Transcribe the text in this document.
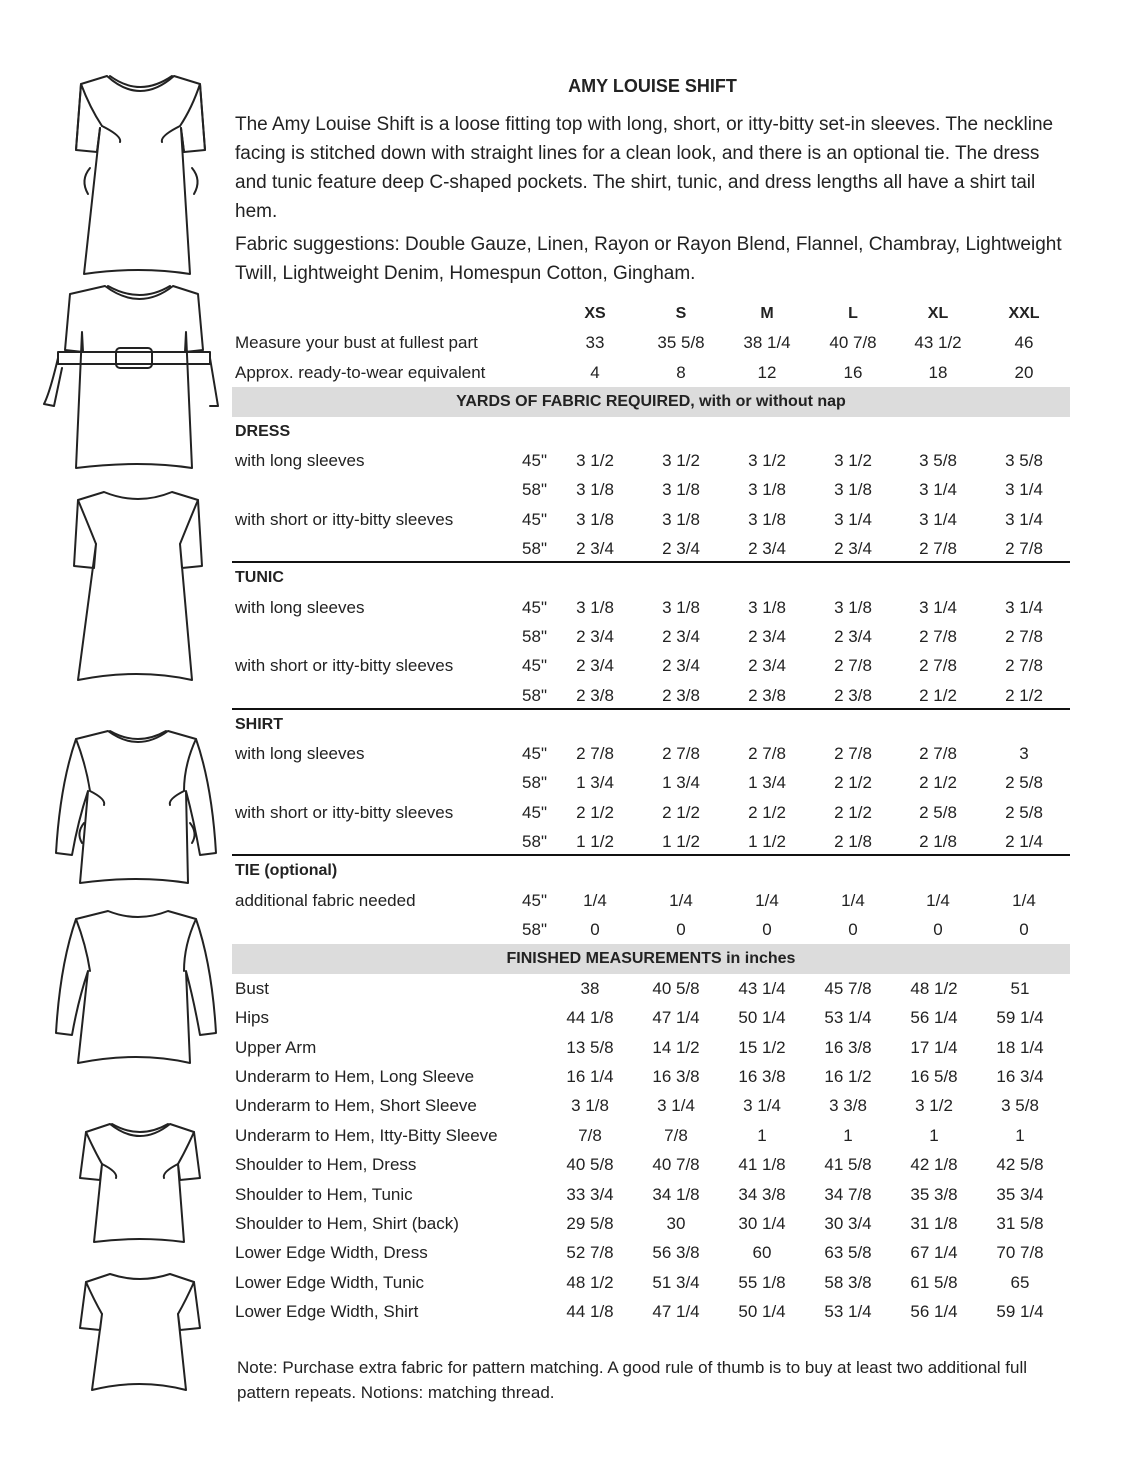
AMY LOUISE SHIFT

The Amy Louise Shift is a loose fitting top with long, short, or itty-bitty set-in sleeves. The neckline facing is stitched down with straight lines for a clean look, and there is an optional tie. The dress and tunic feature deep C-shaped pockets. The shirt, tunic, and dress lengths all have a shirt tail hem.

Fabric suggestions: Double Gauze, Linen, Rayon or Rayon Blend, Flannel, Chambray, Lightweight Twill, Lightweight Denim, Homespun Cotton, Gingham.

XS	S	M	L	XL	XXL
Measure your bust at fullest part	33	35 5/8	38 1/4	40 7/8	43 1/2	46
Approx. ready-to-wear equivalent	4	8	12	16	18	20
YARDS OF FABRIC REQUIRED, with or without nap
DRESS
with long sleeves	45"	3 1/2	3 1/2	3 1/2	3 1/2	3 5/8	3 5/8
58"	3 1/8	3 1/8	3 1/8	3 1/8	3 1/4	3 1/4
with short or itty-bitty sleeves	45"	3 1/8	3 1/8	3 1/8	3 1/4	3 1/4	3 1/4
58"	2 3/4	2 3/4	2 3/4	2 3/4	2 7/8	2 7/8
TUNIC
with long sleeves	45"	3 1/8	3 1/8	3 1/8	3 1/8	3 1/4	3 1/4
58"	2 3/4	2 3/4	2 3/4	2 3/4	2 7/8	2 7/8
with short or itty-bitty sleeves	45"	2 3/4	2 3/4	2 3/4	2 7/8	2 7/8	2 7/8
58"	2 3/8	2 3/8	2 3/8	2 3/8	2 1/2	2 1/2
SHIRT
with long sleeves	45"	2 7/8	2 7/8	2 7/8	2 7/8	2 7/8	3
58"	1 3/4	1 3/4	1 3/4	2 1/2	2 1/2	2 5/8
with short or itty-bitty sleeves	45"	2 1/2	2 1/2	2 1/2	2 1/2	2 5/8	2 5/8
58"	1 1/2	1 1/2	1 1/2	2 1/8	2 1/8	2 1/4
TIE (optional)
additional fabric needed	45"	1/4	1/4	1/4	1/4	1/4	1/4
58"	0	0	0	0	0	0
FINISHED MEASUREMENTS in inches
Bust	38	40 5/8	43 1/4	45 7/8	48 1/2	51
Hips	44 1/8	47 1/4	50 1/4	53 1/4	56 1/4	59 1/4
Upper Arm	13 5/8	14 1/2	15 1/2	16 3/8	17 1/4	18 1/4
Underarm to Hem, Long Sleeve	16 1/4	16 3/8	16 3/8	16 1/2	16 5/8	16 3/4
Underarm to Hem, Short Sleeve	3 1/8	3 1/4	3 1/4	3 3/8	3 1/2	3 5/8
Underarm to Hem, Itty-Bitty Sleeve	7/8	7/8	1	1	1	1
Shoulder to Hem, Dress	40 5/8	40 7/8	41 1/8	41 5/8	42 1/8	42 5/8
Shoulder to Hem, Tunic	33 3/4	34 1/8	34 3/8	34 7/8	35 3/8	35 3/4
Shoulder to Hem, Shirt (back)	29 5/8	30	30 1/4	30 3/4	31 1/8	31 5/8
Lower Edge Width, Dress	52 7/8	56 3/8	60	63 5/8	67 1/4	70 7/8
Lower Edge Width, Tunic	48 1/2	51 3/4	55 1/8	58 3/8	61 5/8	65
Lower Edge Width, Shirt	44 1/8	47 1/4	50 1/4	53 1/4	56 1/4	59 1/4

Note: Purchase extra fabric for pattern matching. A good rule of thumb is to buy at least two additional full pattern repeats. Notions: matching thread.
